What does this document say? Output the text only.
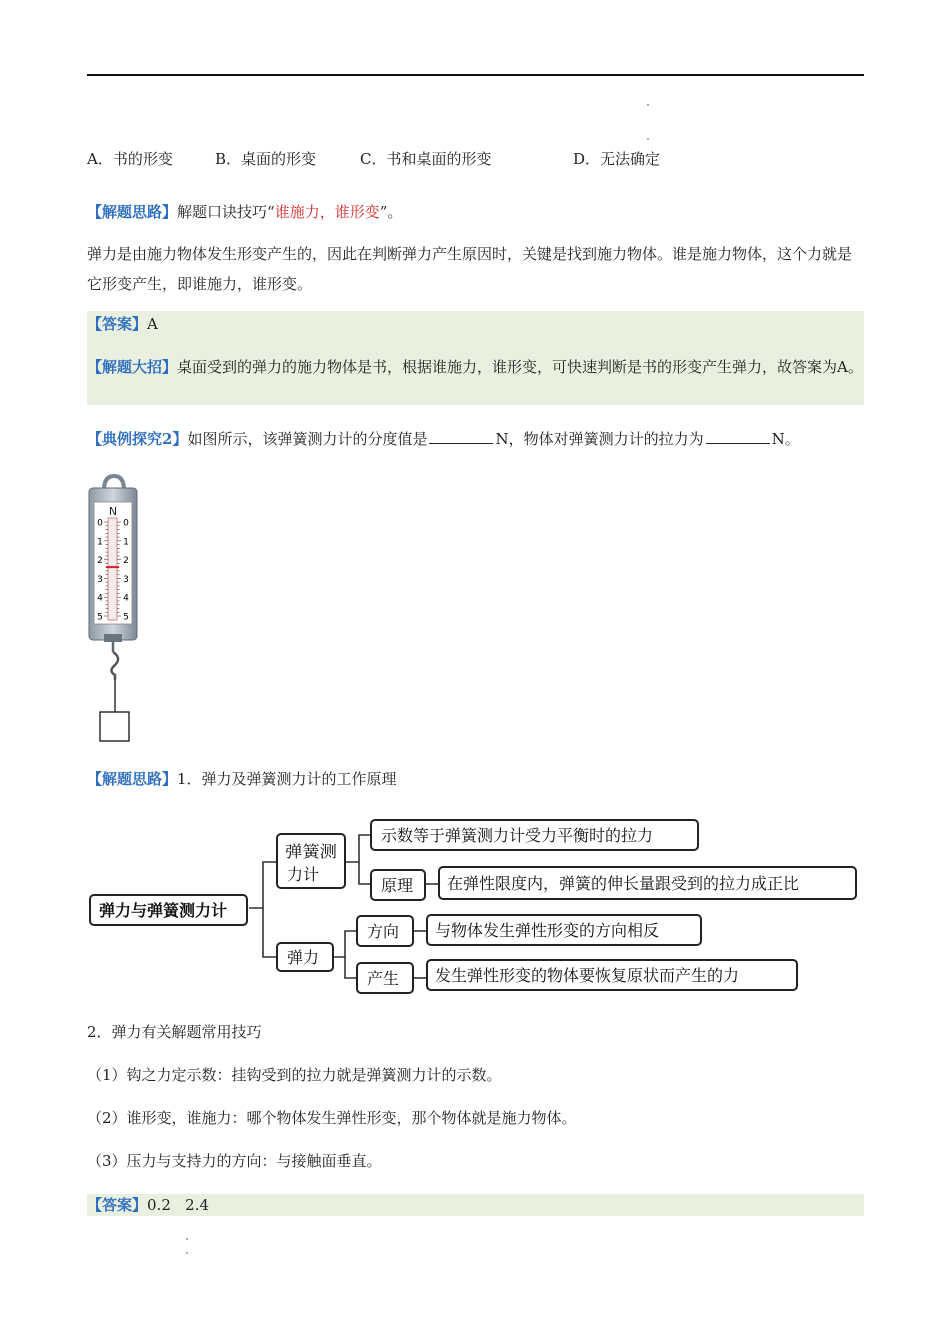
A．书的形变	B．桌面的形变	C．书和桌面的形变	D．无法确定
【解题思路】解题口诀技巧“谁施力，谁形变”。
弹力是由施力物体发生形变产生的，因此在判断弹力产生原因时，关键是找到施力物体。谁是施力物体，这个力就是它形变产生，即谁施力，谁形变。
【答案】A
【解题大招】桌面受到的弹力的施力物体是书，根据谁施力，谁形变，可快速判断是书的形变产生弹力，故答案为A。
【典例探究2】如图所示，该弹簧测力计的分度值是	N，物体对弹簧测力计的拉力为	N。
N
0
1
2
3
4
5
0
1
2
3
4
5
【解题思路】1．弹力及弹簧测力计的工作原理
弹力与弹簧测力计
弹簧测
力计
示数等于弹簧测力计受力平衡时的拉力
原理 在弹性限度内，弹簧的伸长量跟受到的拉力成正比
弹力
方向 与物体发生弹性形变的方向相反
产生 发生弹性形变的物体要恢复原状而产生的力
2．弹力有关解题常用技巧
（1）钩之力定示数：挂钩受到的拉力就是弹簧测力计的示数。
（2）谁形变，谁施力：哪个物体发生弹性形变，那个物体就是施力物体。
（3）压力与支持力的方向：与接触面垂直。
【答案】0.2   2.4
